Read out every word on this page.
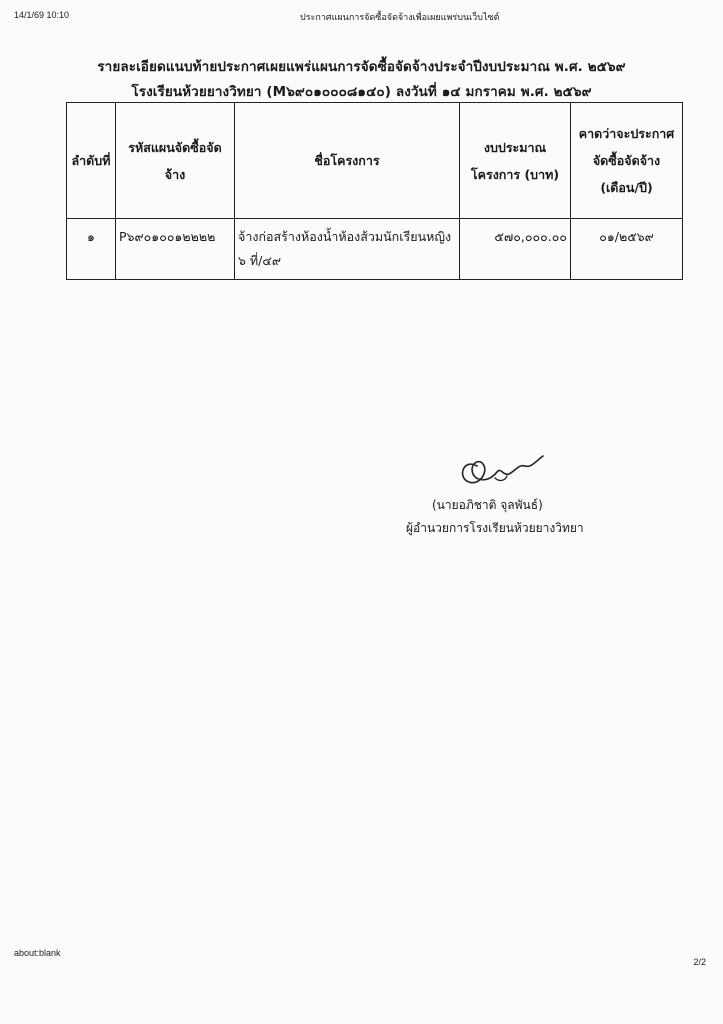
14/1/69 10:10	ประกาศแผนการจัดซื้อจัดจ้างเพื่อเผยแพร่บนเว็บไซต์
รายละเอียดแนบท้ายประกาศเผยแพร่แผนการจัดซื้อจัดจ้างประจำปีงบประมาณ พ.ศ. ๒๕๖๙
โรงเรียนห้วยยางวิทยา (M๖๙๐๑๐๐๐๘๑๔๐) ลงวันที่ ๑๔ มกราคม พ.ศ. ๒๕๖๙
ลำดับที่	รหัสแผนจัดซื้อจัดจ้าง	ชื่อโครงการ	งบประมาณโครงการ (บาท)	คาดว่าจะประกาศจัดซื้อจัดจ้าง (เดือน/ปี)
๑	P๖๙๐๑๐๐๑๒๒๒๒	จ้างก่อสร้างห้องน้ำห้องส้วมนักเรียนหญิง ๖ ที่/๔๙	๕๗๐,๐๐๐.๐๐	๐๑/๒๕๖๙
(นายอภิชาติ จุลพันธ์)
ผู้อำนวยการโรงเรียนห้วยยางวิทยา
about:blank
2/2
